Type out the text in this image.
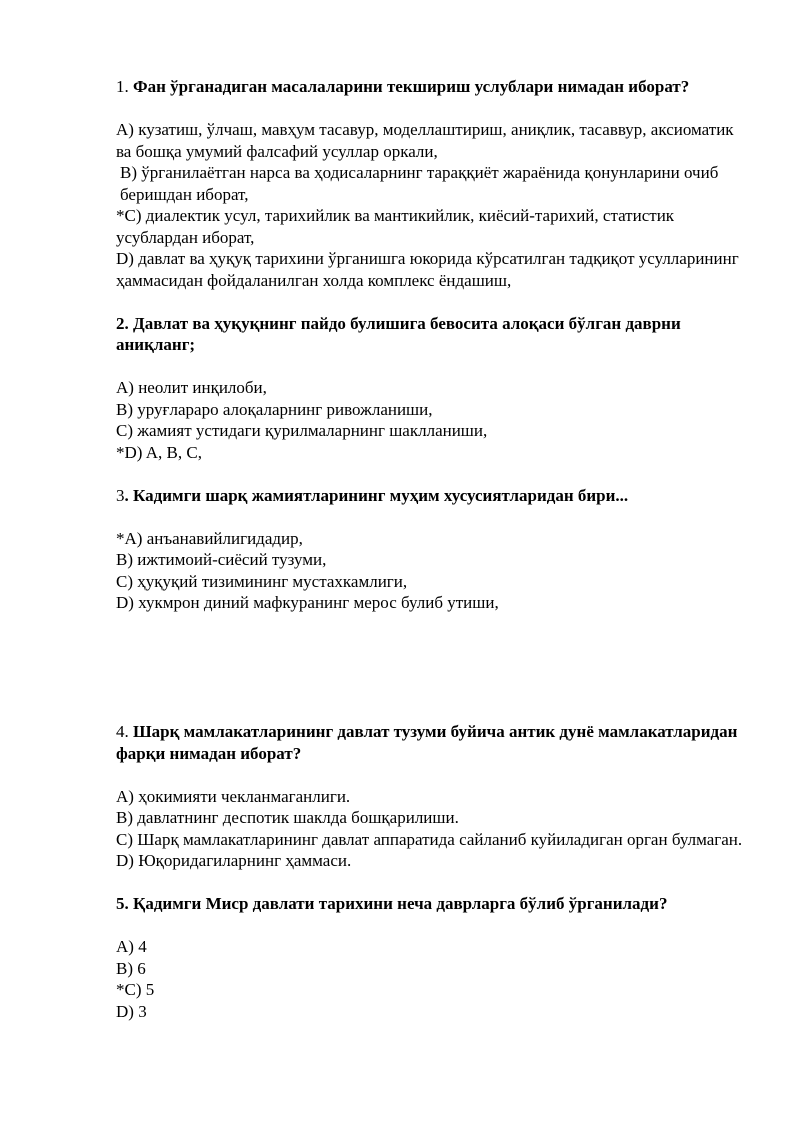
1. Фан ўрганадиган масалаларини текшириш услублари нимадан иборат?
A) кузатиш, ўлчаш, мавҳум тасавур, моделлаштириш, аниқлик, тасаввур, аксиоматик ва бошқа умумий фалсафий усуллар оркали,
B) ўрганилаётган нарса ва ҳодисаларнинг тараққиёт жараёнида қонунларини очиб беришдан иборат,
*C) диалектик усул, тарихийлик ва мантикийлик, киёсий-тарихий, статистик усублардан иборат,
D) давлат ва ҳуқуқ тарихини ўрганишга юкорида кўрсатилган тадқиқот усулларининг ҳаммасидан фойдаланилган холда комплекс ёндашиш,
2. Давлат ва ҳуқуқнинг пайдо булишига бевосита алоқаси бўлган даврни аниқланг;
A) неолит инқилоби,
B) уруғлараро алоқаларнинг ривожланиши,
C) жамият устидаги қурилмаларнинг шаклланиши,
*D) A, B, C,
3. Кадимги шарқ жамиятларининг муҳим хусусиятларидан бири...
*A) анъанавийлигидадир,
B) ижтимоий-сиёсий тузуми,
C) ҳуқуқий тизимининг мустахкамлиги,
D) хукмрон диний мафкуранинг мерос булиб утиши,
4. Шарқ мамлакатларининг давлат тузуми буйича антик дунё мамлакатларидан фарқи нимадан иборат?
A) ҳокимияти чекланмаганлиги.
B) давлатнинг деспотик шаклда бошқарилиши.
C) Шарқ мамлакатларининг давлат аппаратида сайланиб куйиладиган орган булмаган.
D) Юқоридагиларнинг ҳаммаси.
5. Қадимги Миср давлати тарихини неча даврларга бўлиб ўрганилади?
A) 4
B) 6
*C) 5
D) 3
